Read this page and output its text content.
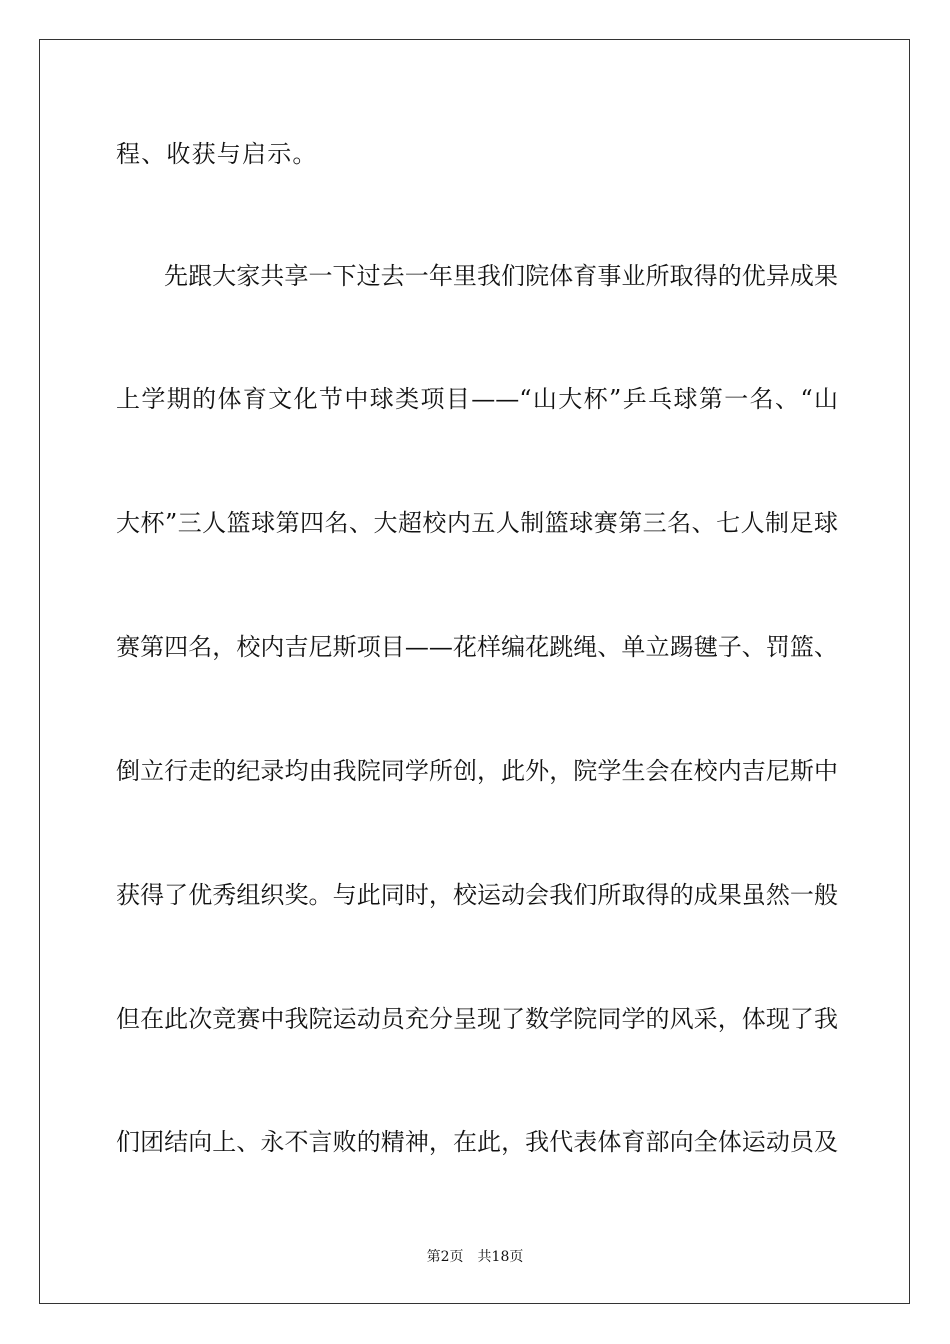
程、收获与启示。
先跟大家共享一下过去一年里我们院体育事业所取得的优异成果
上学期的体育文化节中球类项目——“山大杯”乒乓球第一名、“山
大杯”三人篮球第四名、大超校内五人制篮球赛第三名、七人制足球
赛第四名，校内吉尼斯项目——花样编花跳绳、单立踢毽子、罚篮、
倒立行走的纪录均由我院同学所创，此外，院学生会在校内吉尼斯中
获得了优秀组织奖。与此同时，校运动会我们所取得的成果虽然一般
但在此次竞赛中我院运动员充分呈现了数学院同学的风采，体现了我
们团结向上、永不言败的精神，在此，我代表体育部向全体运动员及
第2页 共18页
